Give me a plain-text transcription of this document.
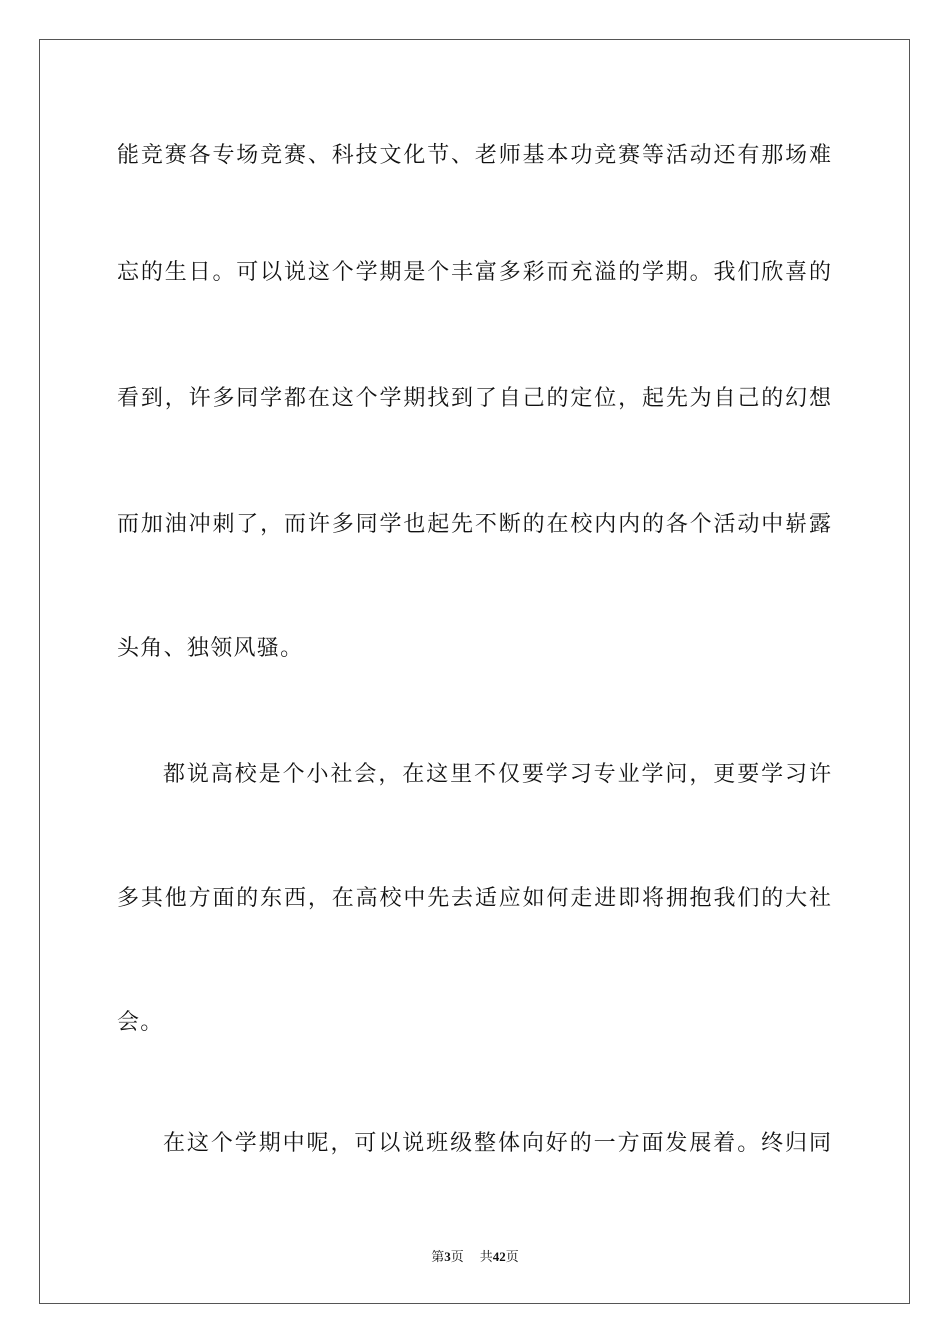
能竞赛各专场竞赛、科技文化节、老师基本功竞赛等活动还有那场难
忘的生日。可以说这个学期是个丰富多彩而充溢的学期。我们欣喜的
看到，许多同学都在这个学期找到了自己的定位，起先为自己的幻想
而加油冲刺了，而许多同学也起先不断的在校内内的各个活动中崭露
头角、独领风骚。
都说高校是个小社会，在这里不仅要学习专业学问，更要学习许
多其他方面的东西，在高校中先去适应如何走进即将拥抱我们的大社
会。
在这个学期中呢，可以说班级整体向好的一方面发展着。终归同
第3页 共42页
